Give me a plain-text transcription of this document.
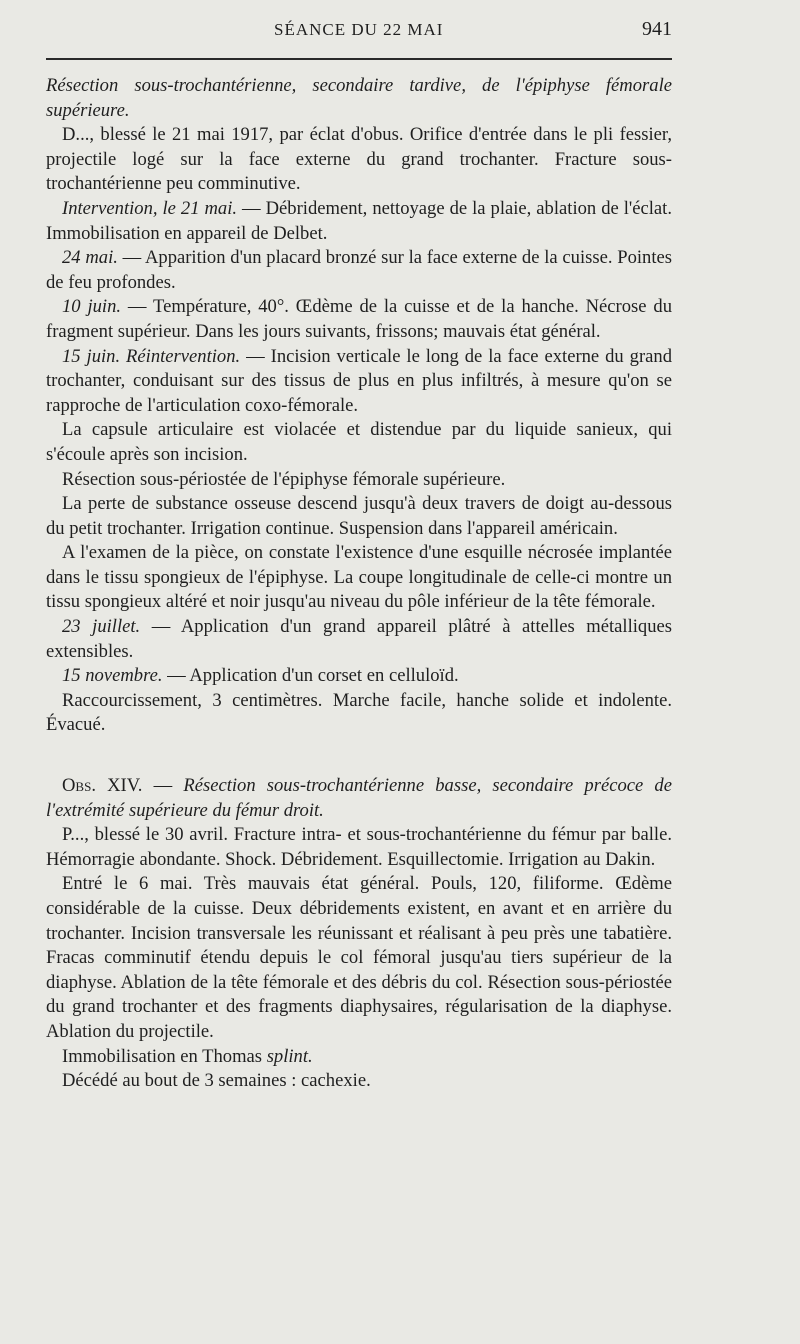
SÉANCE DU 22 MAI	941

Résection sous-trochantérienne, secondaire tardive, de l'épiphyse fémorale supérieure.

D..., blessé le 21 mai 1917, par éclat d'obus. Orifice d'entrée dans le pli fessier, projectile logé sur la face externe du grand trochanter. Fracture sous-trochantérienne peu comminutive.

Intervention, le 21 mai. — Débridement, nettoyage de la plaie, ablation de l'éclat. Immobilisation en appareil de Delbet.

24 mai. — Apparition d'un placard bronzé sur la face externe de la cuisse. Pointes de feu profondes.

10 juin. — Température, 40°. Œdème de la cuisse et de la hanche. Nécrose du fragment supérieur. Dans les jours suivants, frissons; mauvais état général.

15 juin. Réintervention. — Incision verticale le long de la face externe du grand trochanter, conduisant sur des tissus de plus en plus infiltrés, à mesure qu'on se rapproche de l'articulation coxo-fémorale.

La capsule articulaire est violacée et distendue par du liquide sanieux, qui s'écoule après son incision.

Résection sous-périostée de l'épiphyse fémorale supérieure.

La perte de substance osseuse descend jusqu'à deux travers de doigt au-dessous du petit trochanter. Irrigation continue. Suspension dans l'appareil américain.

A l'examen de la pièce, on constate l'existence d'une esquille nécrosée implantée dans le tissu spongieux de l'épiphyse. La coupe longitudinale de celle-ci montre un tissu spongieux altéré et noir jusqu'au niveau du pôle inférieur de la tête fémorale.

23 juillet. — Application d'un grand appareil plâtré à attelles métalliques extensibles.

15 novembre. — Application d'un corset en celluloïd.

Raccourcissement, 3 centimètres. Marche facile, hanche solide et indolente. Évacué.

Obs. XIV. — Résection sous-trochantérienne basse, secondaire précoce de l'extrémité supérieure du fémur droit.

P..., blessé le 30 avril. Fracture intra- et sous-trochantérienne du fémur par balle. Hémorragie abondante. Shock. Débridement. Esquillectomie. Irrigation au Dakin.

Entré le 6 mai. Très mauvais état général. Pouls, 120, filiforme. Œdème considérable de la cuisse. Deux débridements existent, en avant et en arrière du trochanter. Incision transversale les réunissant et réalisant à peu près une tabatière. Fracas comminutif étendu depuis le col fémoral jusqu'au tiers supérieur de la diaphyse. Ablation de la tête fémorale et des débris du col. Résection sous-périostée du grand trochanter et des fragments diaphysaires, régularisation de la diaphyse. Ablation du projectile.

Immobilisation en Thomas splint.

Décédé au bout de 3 semaines : cachexie.
